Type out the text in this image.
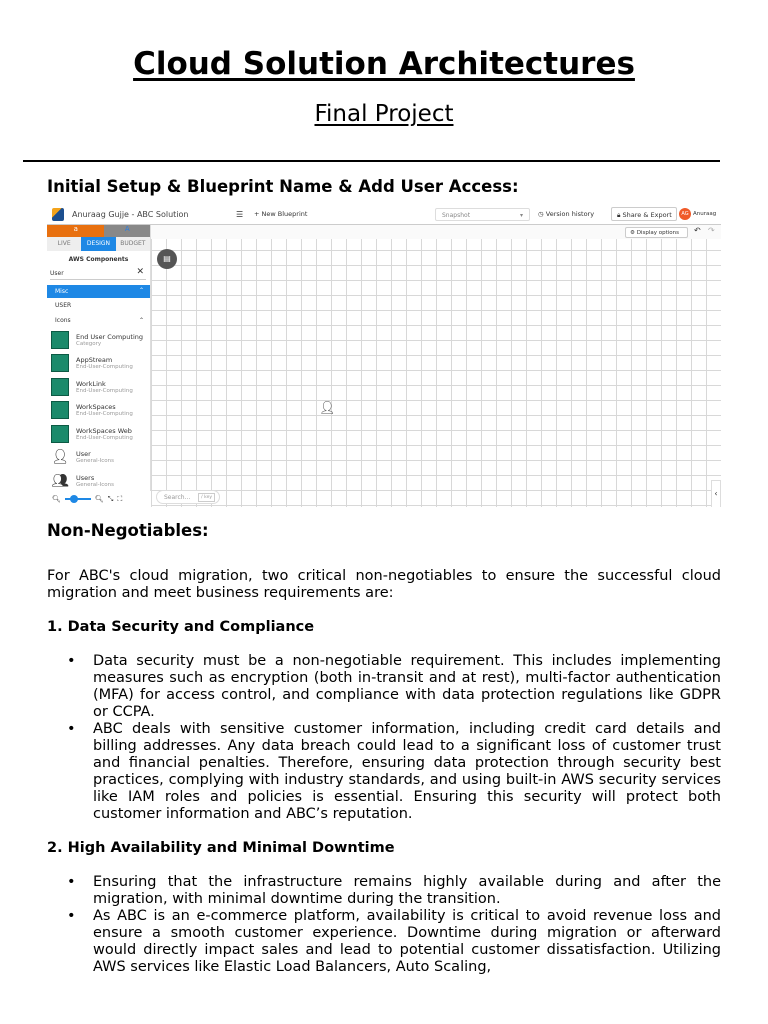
Cloud Solution Architectures
Final Project
Initial Setup & Blueprint Name & Add User Access:
Anuraag Gujje - ABC Solution	☰ + New Blueprint	Snapshot	▾ ◷ Version history	🔒︎ Share & Export	AG Anuraag
a	A
LIVE	DESIGN	BUDGET
AWS Components
User	✕
Misc	⌃
USER
Icons	⌃
End User Computing
Category
AppStream
End-User-Computing
WorkLink
End-User-Computing
WorkSpaces
End-User-Computing
WorkSpaces Web
End-User-Computing
👤︎ User
General-Icons
👥︎ Users
General-Icons
🔍︎	🔍︎ ⤡ ⛶
⚙ Display options	↶ ↷
▤
👤︎
Search...	/ key	‹
Non-Negotiables:
For ABC's cloud migration, two critical non-negotiables to ensure the successful cloud migration and meet business requirements are:
1. Data Security and Compliance
• Data security must be a non-negotiable requirement. This includes implementing measures such as encryption (both in-transit and at rest), multi-factor authentication (MFA) for access control, and compliance with data protection regulations like GDPR or CCPA.
• ABC deals with sensitive customer information, including credit card details and billing addresses. Any data breach could lead to a significant loss of customer trust and financial penalties. Therefore, ensuring data protection through security best practices, complying with industry standards, and using built-in AWS security services like IAM roles and policies is essential. Ensuring this security will protect both customer information and ABC’s reputation.
2. High Availability and Minimal Downtime
• Ensuring that the infrastructure remains highly available during and after the migration, with minimal downtime during the transition.
• As ABC is an e-commerce platform, availability is critical to avoid revenue loss and ensure a smooth customer experience. Downtime during migration or afterward would directly impact sales and lead to potential customer dissatisfaction. Utilizing AWS services like Elastic Load Balancers, Auto Scaling,
